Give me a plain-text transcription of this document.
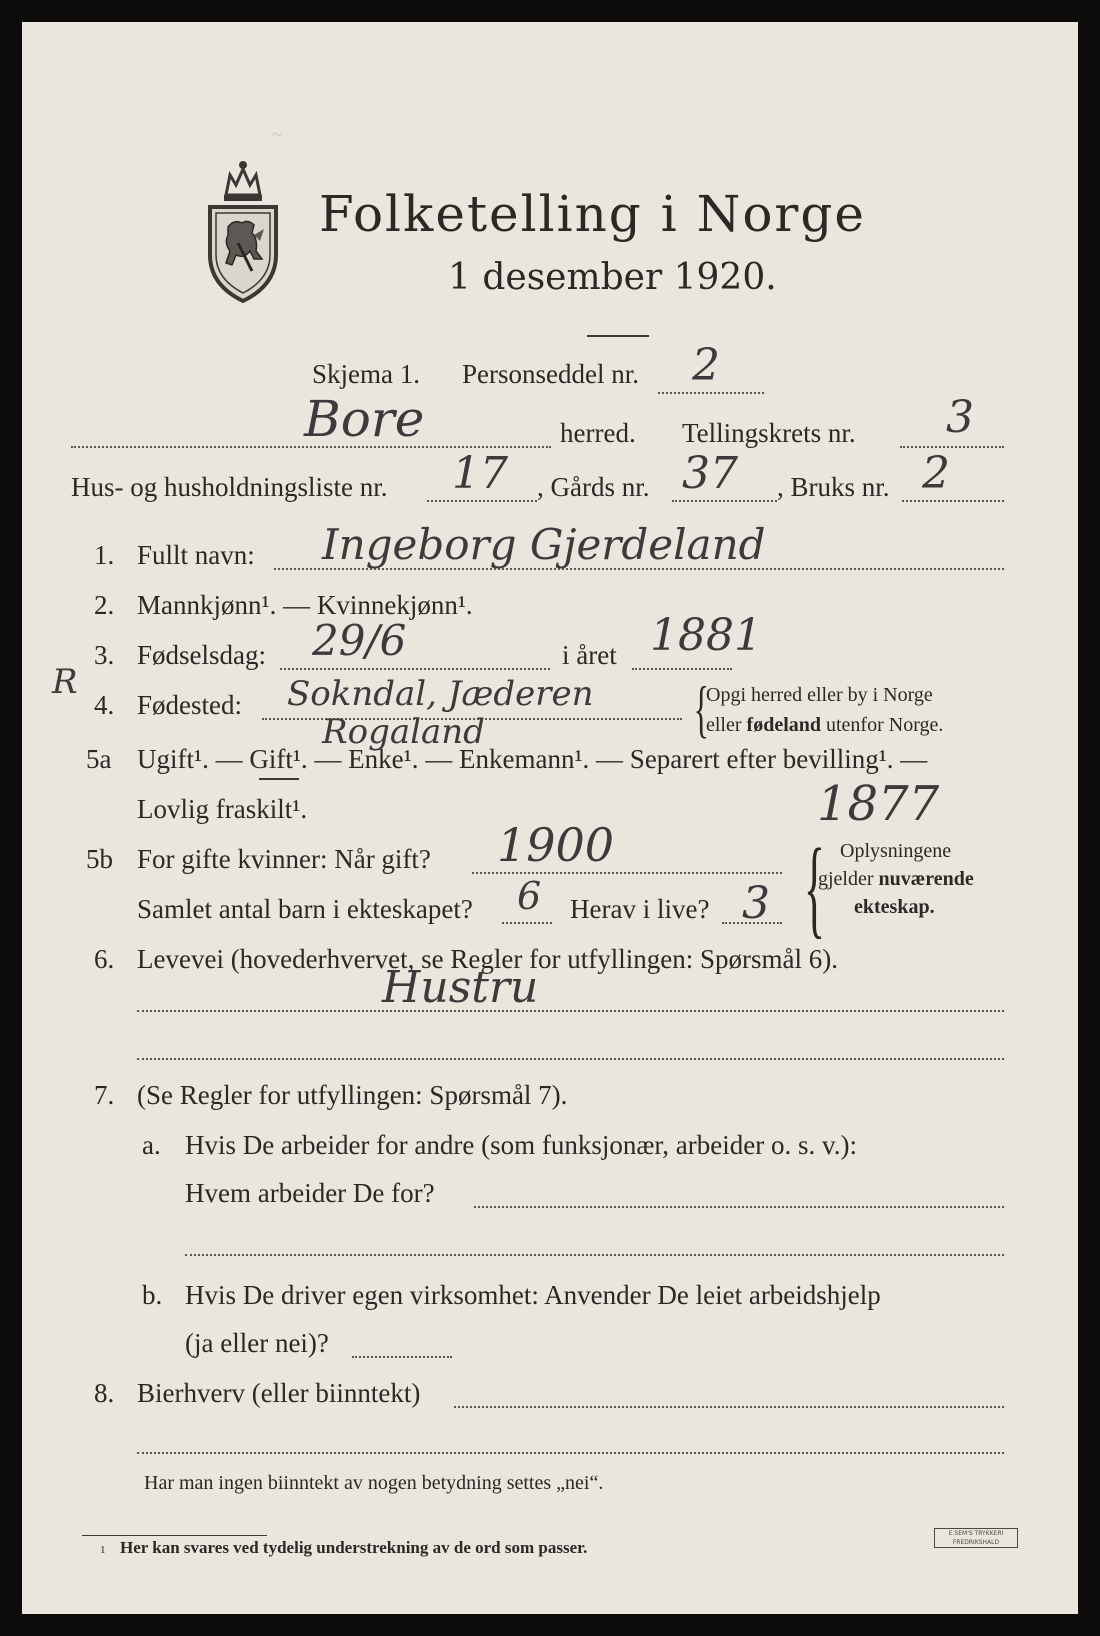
~
Folketelling i Norge
1 desember 1920.
Skjema 1. Personseddel nr. 2
Bore	herred. Tellingskrets nr. 3
Hus- og husholdningsliste nr. 17 , Gårds nr. 37 , Bruks nr. 2
1. Fullt navn: Ingeborg Gjerdeland
2. Mannkjønn¹. — Kvinnekjønn¹.
3. Fødselsdag: 29/6	i året 1881
R
4. Fødested: Sokndal, Jæderen
Rogaland	{
Opgi herred eller by i Norge
eller fødeland utenfor Norge.
5a Ugift¹. — Gift¹. — Enke¹. — Enkemann¹. — Separert efter bevilling¹. —
Lovlig fraskilt¹.	1877
5b For gifte kvinner: Når gift? 1900
Samlet antal barn i ekteskapet? 6 Herav i live? 3 { Oplysningene
gjelder nuværende
ekteskap.
6. Levevei (hovederhvervet, se Regler for utfyllingen: Spørsmål 6).
Hustru
7. (Se Regler for utfyllingen: Spørsmål 7).
a. Hvis De arbeider for andre (som funksjonær, arbeider o. s. v.):
Hvem arbeider De for?
b. Hvis De driver egen virksomhet: Anvender De leiet arbeidshjelp
(ja eller nei)?
8. Bierhverv (eller biinntekt)
Har man ingen biinntekt av nogen betydning settes „nei“.
1 Her kan svares ved tydelig understrekning av de ord som passer.
E.SEM'S TRYKKERI
FREDRIKSHALD
